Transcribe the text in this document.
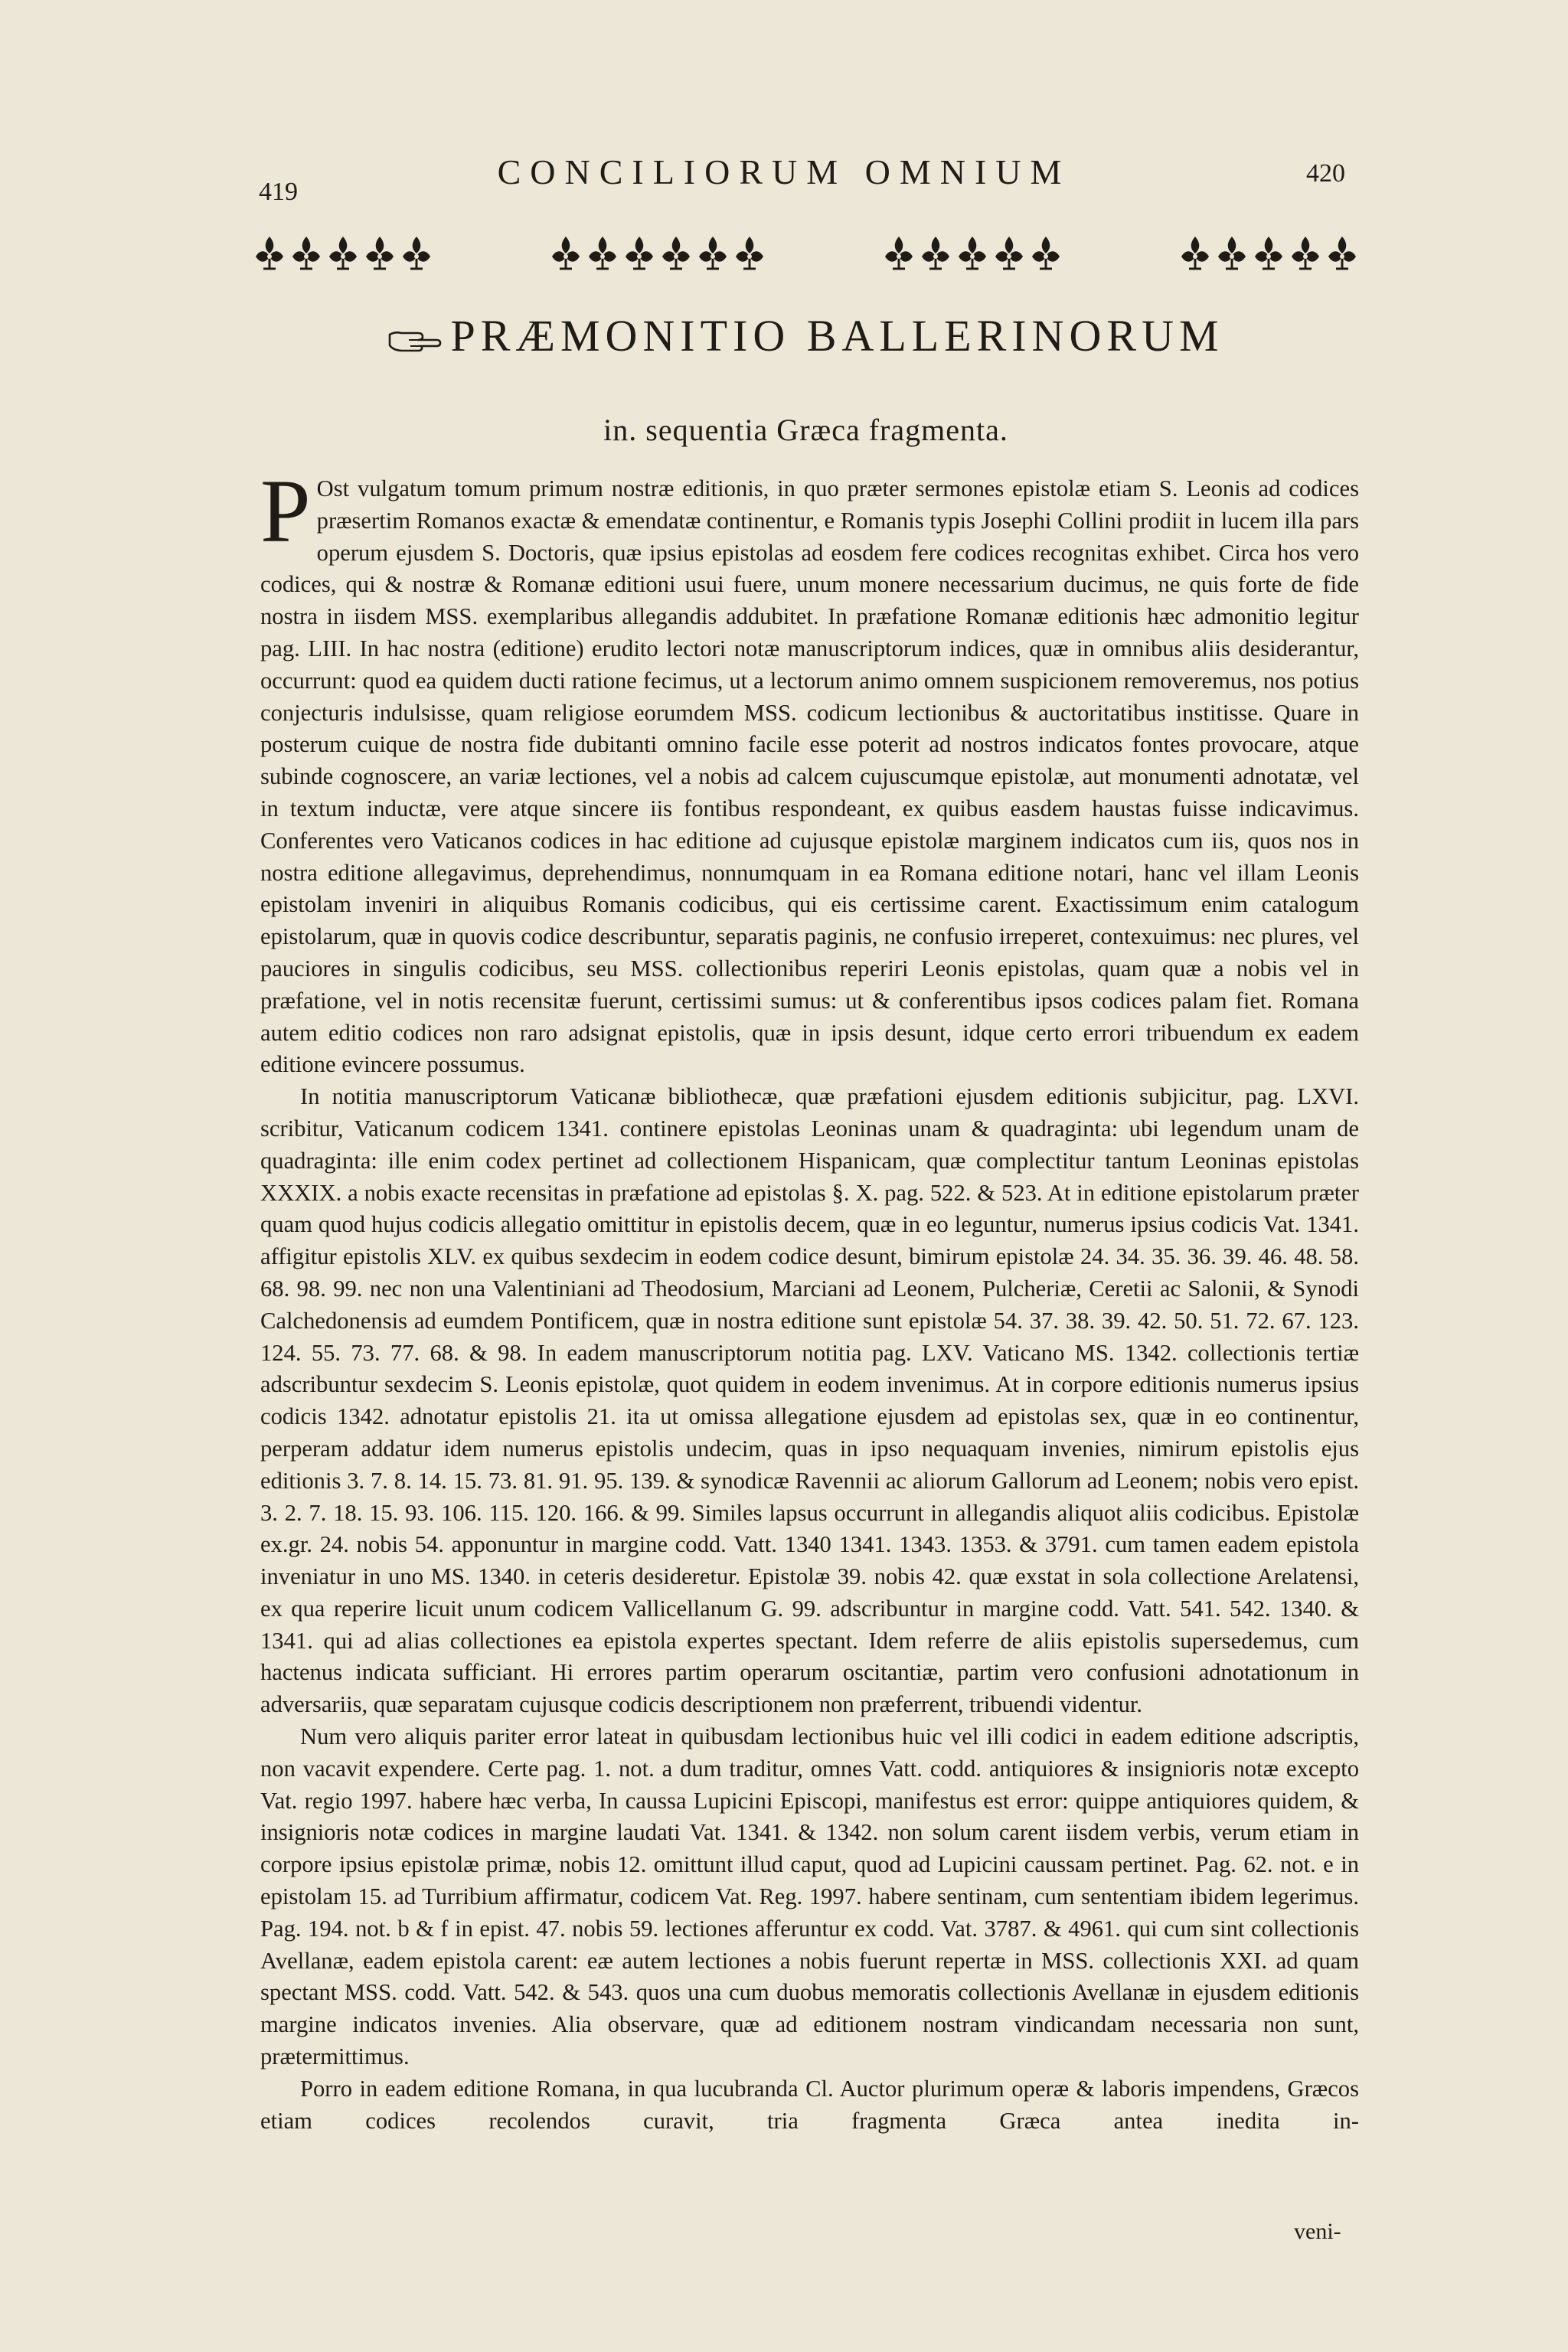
419
CONCILIORUM OMNIUM	420
PRÆMONITIO BALLERINORUM
in. sequentia Græca fragmenta.

P Ost vulgatum tomum primum nostræ editionis, in quo præter sermones epistolæ etiam S. Leonis ad codices præsertim Romanos exactæ & emendatæ continentur, e Romanis typis Josephi Collini prodiit in lucem illa pars operum ejusdem S. Doctoris, quæ ipsius epistolas ad eosdem fere codices recognitas exhibet. Circa hos vero codices, qui & nostræ & Romanæ editioni usui fuere, unum monere necessarium ducimus, ne quis forte de fide nostra in iisdem MSS. exemplaribus allegandis addubitet. In præfatione Romanæ editionis hæc admonitio legitur pag. LIII. In hac nostra (editione) erudito lectori notæ manuscriptorum indices, quæ in omnibus aliis desiderantur, occurrunt: quod ea quidem ducti ratione fecimus, ut a lectorum animo omnem suspicionem removeremus, nos potius conjecturis indulsisse, quam religiose eorumdem MSS. codicum lectionibus & auctoritatibus institisse. Quare in posterum cuique de nostra fide dubitanti omnino facile esse poterit ad nostros indicatos fontes provocare, atque subinde cognoscere, an variæ lectiones, vel a nobis ad calcem cujuscumque epistolæ, aut monumenti adnotatæ, vel in textum inductæ, vere atque sincere iis fontibus respondeant, ex quibus easdem haustas fuisse indicavimus. Conferentes vero Vaticanos codices in hac editione ad cujusque epistolæ marginem indicatos cum iis, quos nos in nostra editione allegavimus, deprehendimus, nonnumquam in ea Romana editione notari, hanc vel illam Leonis epistolam inveniri in aliquibus Romanis codicibus, qui eis certissime carent. Exactissimum enim catalogum epistolarum, quæ in quovis codice describuntur, separatis paginis, ne confusio irreperet, contexuimus: nec plures, vel pauciores in singulis codicibus, seu MSS. collectionibus reperiri Leonis epistolas, quam quæ a nobis vel in præfatione, vel in notis recensitæ fuerunt, certissimi sumus: ut & conferentibus ipsos codices palam fiet. Romana autem editio codices non raro adsignat epistolis, quæ in ipsis desunt, idque certo errori tribuendum ex eadem editione evincere possumus.

In notitia manuscriptorum Vaticanæ bibliothecæ, quæ præfationi ejusdem editionis subjicitur, pag. LXVI. scribitur, Vaticanum codicem 1341. continere epistolas Leoninas unam & quadraginta: ubi legendum unam de quadraginta: ille enim codex pertinet ad collectionem Hispanicam, quæ complectitur tantum Leoninas epistolas XXXIX. a nobis exacte recensitas in præfatione ad epistolas §. X. pag. 522. & 523. At in editione epistolarum præter quam quod hujus codicis allegatio omittitur in epistolis decem, quæ in eo leguntur, numerus ipsius codicis Vat. 1341. affigitur epistolis XLV. ex quibus sexdecim in eodem codice desunt, bimirum epistolæ 24. 34. 35. 36. 39. 46. 48. 58. 68. 98. 99. nec non una Valentiniani ad Theodosium, Marciani ad Leonem, Pulcheriæ, Ceretii ac Salonii, & Synodi Calchedonensis ad eumdem Pontificem, quæ in nostra editione sunt epistolæ 54. 37. 38. 39. 42. 50. 51. 72. 67. 123. 124. 55. 73. 77. 68. & 98. In eadem manuscriptorum notitia pag. LXV. Vaticano MS. 1342. collectionis tertiæ adscribuntur sexdecim S. Leonis epistolæ, quot quidem in eodem invenimus. At in corpore editionis numerus ipsius codicis 1342. adnotatur epistolis 21. ita ut omissa allegatione ejusdem ad epistolas sex, quæ in eo continentur, perperam addatur idem numerus epistolis undecim, quas in ipso nequaquam invenies, nimirum epistolis ejus editionis 3. 7. 8. 14. 15. 73. 81. 91. 95. 139. & synodicæ Ravennii ac aliorum Gallorum ad Leonem; nobis vero epist. 3. 2. 7. 18. 15. 93. 106. 115. 120. 166. & 99. Similes lapsus occurrunt in allegandis aliquot aliis codicibus. Epistolæ ex.gr. 24. nobis 54. apponuntur in margine codd. Vatt. 1340 1341. 1343. 1353. & 3791. cum tamen eadem epistola inveniatur in uno MS. 1340. in ceteris desideretur. Epistolæ 39. nobis 42. quæ exstat in sola collectione Arelatensi, ex qua reperire licuit unum codicem Vallicellanum G. 99. adscribuntur in margine codd. Vatt. 541. 542. 1340. & 1341. qui ad alias collectiones ea epistola expertes spectant. Idem referre de aliis epistolis supersedemus, cum hactenus indicata sufficiant. Hi errores partim operarum oscitantiæ, partim vero confusioni adnotationum in adversariis, quæ separatam cujusque codicis descriptionem non præferrent, tribuendi videntur.

Num vero aliquis pariter error lateat in quibusdam lectionibus huic vel illi codici in eadem editione adscriptis, non vacavit expendere. Certe pag. 1. not. a dum traditur, omnes Vatt. codd. antiquiores & insignioris notæ excepto Vat. regio 1997. habere hæc verba, In caussa Lupicini Episcopi, manifestus est error: quippe antiquiores quidem, & insignioris notæ codices in margine laudati Vat. 1341. & 1342. non solum carent iisdem verbis, verum etiam in corpore ipsius epistolæ primæ, nobis 12. omittunt illud caput, quod ad Lupicini caussam pertinet. Pag. 62. not. e in epistolam 15. ad Turribium affirmatur, codicem Vat. Reg. 1997. habere sentinam, cum sententiam ibidem legerimus. Pag. 194. not. b & f in epist. 47. nobis 59. lectiones afferuntur ex codd. Vat. 3787. & 4961. qui cum sint collectionis Avellanæ, eadem epistola carent: eæ autem lectiones a nobis fuerunt repertæ in MSS. collectionis XXI. ad quam spectant MSS. codd. Vatt. 542. & 543. quos una cum duobus memoratis collectionis Avellanæ in ejusdem editionis margine indicatos invenies. Alia observare, quæ ad editionem nostram vindicandam necessaria non sunt, prætermittimus.

Porro in eadem editione Romana, in qua lucubranda Cl. Auctor plurimum operæ & laboris impendens, Græcos etiam codices recolendos curavit, tria fragmenta Græca antea inedita in-

veni-
